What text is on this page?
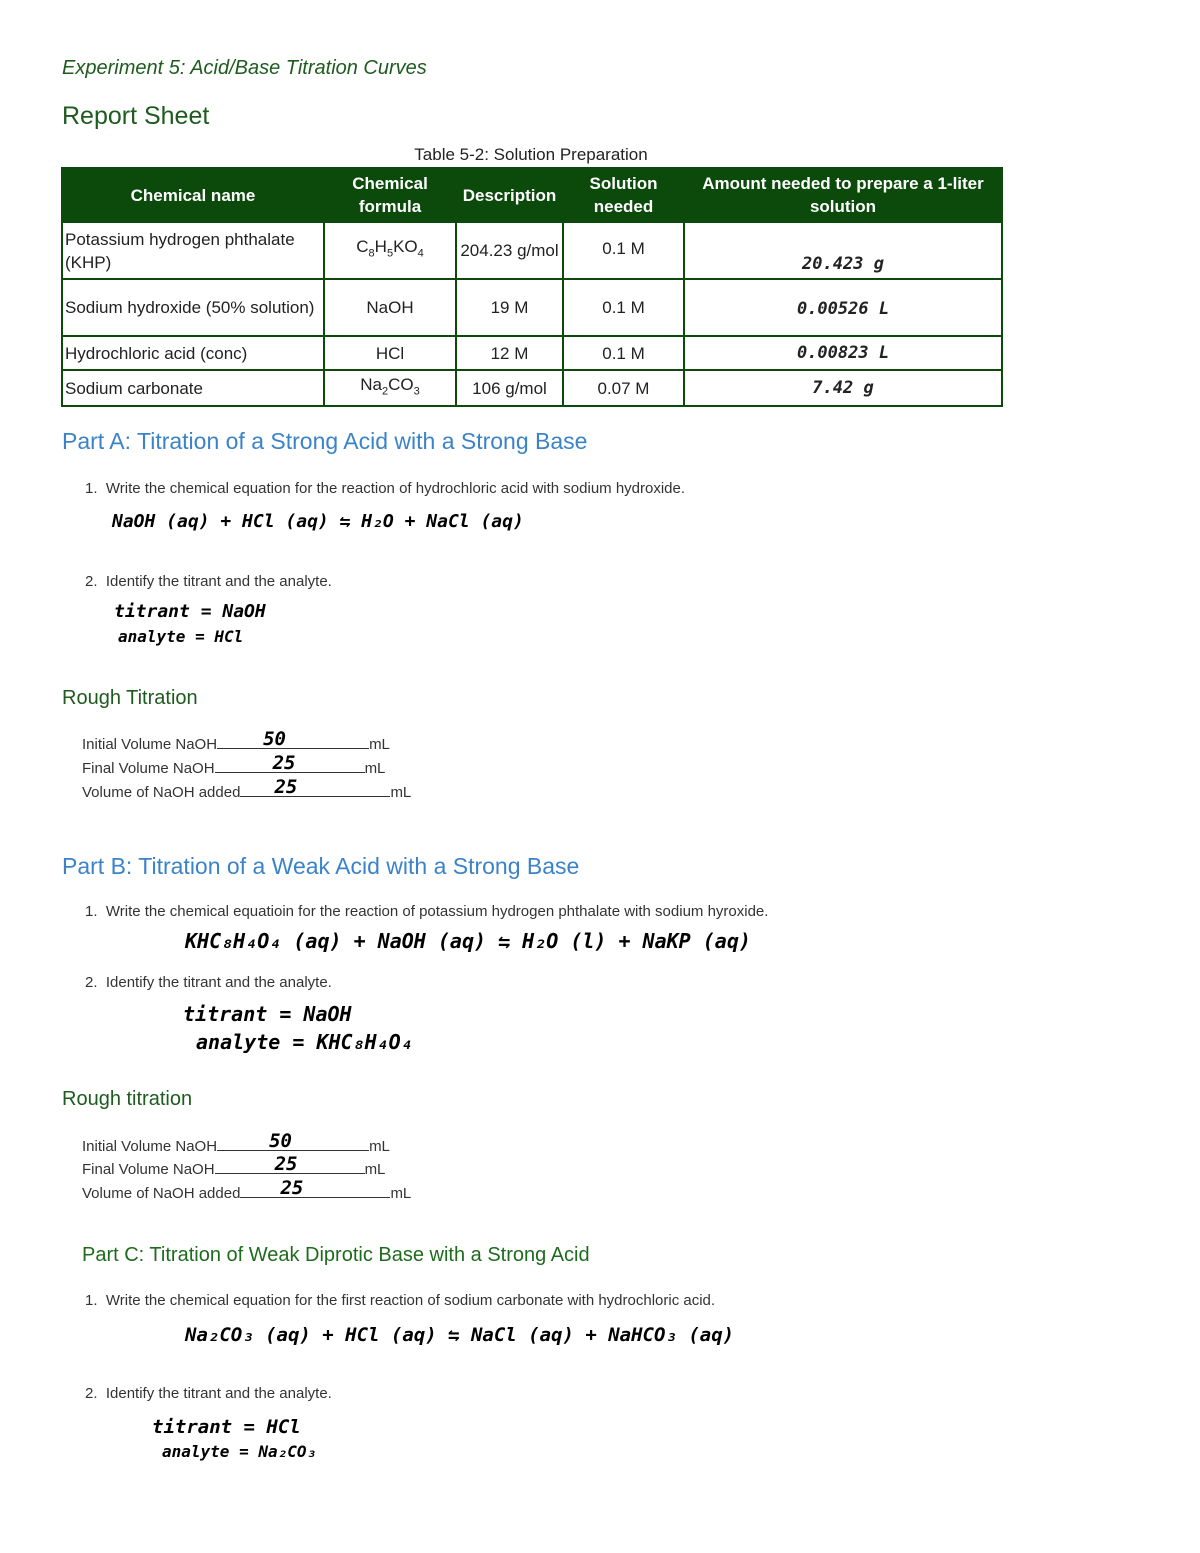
Experiment 5: Acid/Base Titration Curves
Report Sheet
Table 5-2: Solution Preparation
Chemical name	Chemical formula	Description	Solution needed	Amount needed to prepare a 1-liter solution
Potassium hydrogen phthalate (KHP)	$C_8H_5KO_4$	204.23 g/mol	0.1 M	20.423 g
Sodium hydroxide (50% solution)	NaOH	19 M	0.1 M	0.00526 L
Hydrochloric acid (conc)	HCl	12 M	0.1 M	0.00823 L
Sodium carbonate	$Na_2CO_3$	106 g/mol	0.07 M	7.42 g
Part A: Titration of a Strong Acid with a Strong Base
1.  Write the chemical equation for the reaction of hydrochloric acid with sodium hydroxide.
NaOH (aq) + HCl (aq) ⇋ H₂O + NaCl (aq)
2.  Identify the titrant and the analyte.
titrant = NaOH
analyte = HCl
Rough Titration
Initial Volume NaOH 50	mL
Final Volume NaOH	25	mL
Volume of NaOH added 25	mL
Part B: Titration of a Weak Acid with a Strong Base
1.  Write the chemical equatioin for the reaction of potassium hydrogen phthalate with sodium hyroxide.
KHC₈H₄O₄ (aq) + NaOH (aq) ⇋ H₂O (l) + NaKP (aq)
2.  Identify the titrant and the analyte.
titrant = NaOH
analyte = KHC₈H₄O₄
Rough titration
Initial Volume NaOH	50	mL
Final Volume NaOH	25	mL
Volume of NaOH added 25	mL
Part C: Titration of Weak Diprotic Base with a Strong Acid
1.  Write the chemical equation for the first reaction of sodium carbonate with hydrochloric acid.
Na₂CO₃ (aq) + HCl (aq) ⇋ NaCl (aq) + NaHCO₃ (aq)
2.  Identify the titrant and the analyte.
titrant = HCl
analyte = Na₂CO₃
